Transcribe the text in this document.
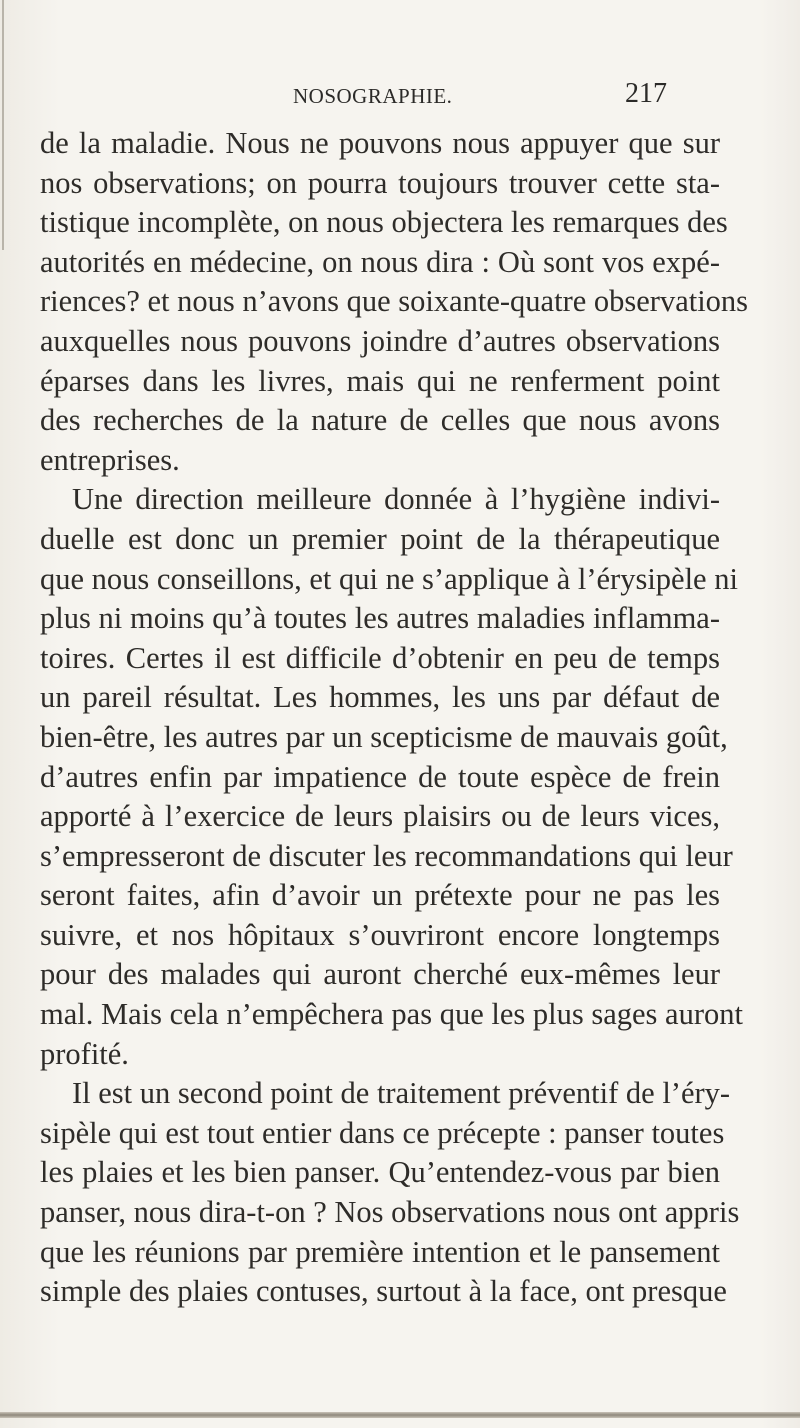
NOSOGRAPHIE.	217
de la maladie. Nous ne pouvons nous appuyer que sur
nos observations; on pourra toujours trouver cette sta-
tistique incomplète, on nous objectera les remarques des
autorités en médecine, on nous dira : Où sont vos expé-
riences? et nous n’avons que soixante-quatre observations
auxquelles nous pouvons joindre d’autres observations
éparses dans les livres, mais qui ne renferment point
des recherches de la nature de celles que nous avons
entreprises.
Une direction meilleure donnée à l’hygiène indivi-
duelle est donc un premier point de la thérapeutique
que nous conseillons, et qui ne s’applique à l’érysipèle ni
plus ni moins qu’à toutes les autres maladies inflamma-
toires. Certes il est difficile d’obtenir en peu de temps
un pareil résultat. Les hommes, les uns par défaut de
bien-être, les autres par un scepticisme de mauvais goût,
d’autres enfin par impatience de toute espèce de frein
apporté à l’exercice de leurs plaisirs ou de leurs vices,
s’empresseront de discuter les recommandations qui leur
seront faites, afin d’avoir un prétexte pour ne pas les
suivre, et nos hôpitaux s’ouvriront encore longtemps
pour des malades qui auront cherché eux-mêmes leur
mal. Mais cela n’empêchera pas que les plus sages auront
profité.
Il est un second point de traitement préventif de l’éry-
sipèle qui est tout entier dans ce précepte : panser toutes
les plaies et les bien panser. Qu’entendez-vous par bien
panser, nous dira-t-on ? Nos observations nous ont appris
que les réunions par première intention et le pansement
simple des plaies contuses, surtout à la face, ont presque
